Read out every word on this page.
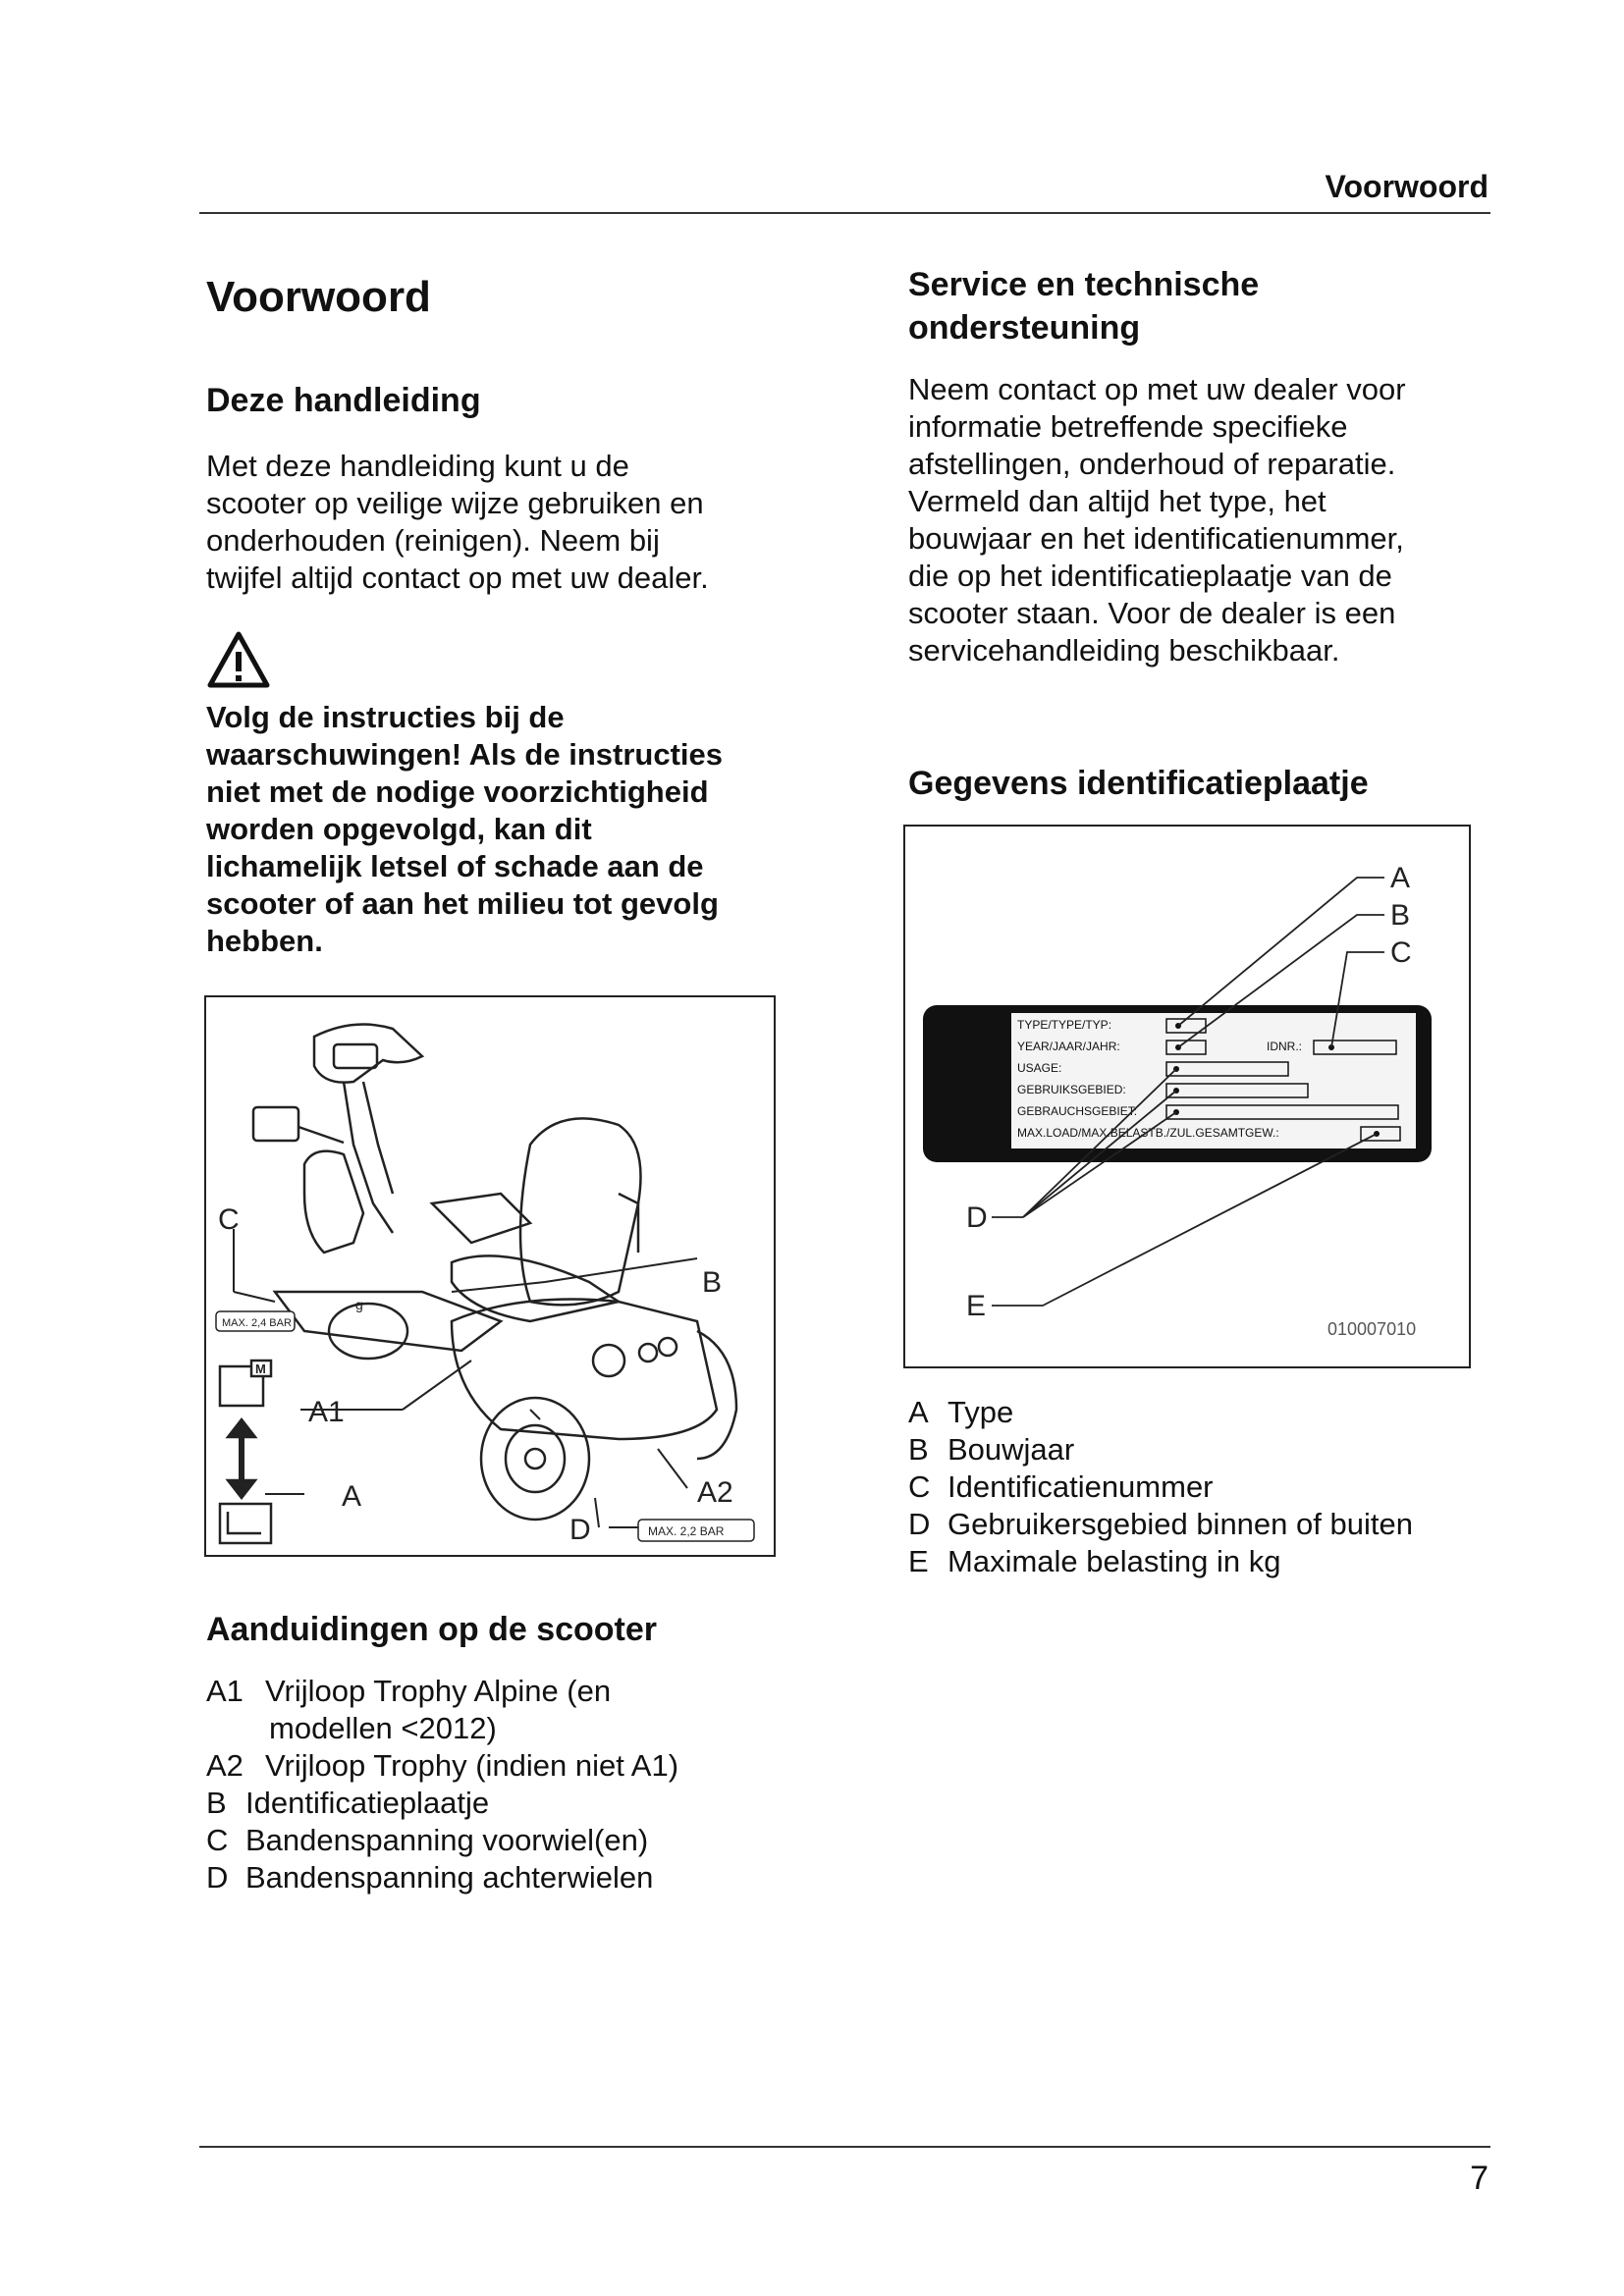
Voorwoord
Voorwoord
Deze handleiding
Met deze handleiding kunt u de
scooter op veilige wijze gebruiken en
onderhouden (reinigen). Neem bij
twijfel altijd contact op met uw dealer.
Volg de instructies bij de
waarschuwingen! Als de instructies
niet met de nodige voorzichtigheid
worden opgevolgd, kan dit
lichamelijk letsel of schade aan de
scooter of aan het milieu tot gevolg
hebben.
MAX. 2,4 BAR
MAX. 2,2 BAR
M
C
B
A1
A	A2
D
g
Aanduidingen op de scooter
A1 Vrijloop Trophy Alpine (en
modellen <2012)
A2 Vrijloop Trophy (indien niet A1)
B Identificatieplaatje
C Bandenspanning voorwiel(en)
D Bandenspanning achterwielen
Service en technische
ondersteuning
Neem contact op met uw dealer voor
informatie betreffende specifieke
afstellingen, onderhoud of reparatie.
Vermeld dan altijd het type, het
bouwjaar en het identificatienummer,
die op het identificatieplaatje van de
scooter staan. Voor de dealer is een
servicehandleiding beschikbaar.
Gegevens identificatieplaatje
TYPE/TYPE/TYP:
YEAR/JAAR/JAHR:
USAGE:
GEBRUIKSGEBIED:
GEBRAUCHSGEBIET:
MAX.LOAD/MAX.BELASTB./ZUL.GESAMTGEW.:
IDNR.:
A
B
C
D
E
010007010
A Type
B Bouwjaar
C Identificatienummer
D Gebruikersgebied binnen of buiten
E Maximale belasting in kg
7
